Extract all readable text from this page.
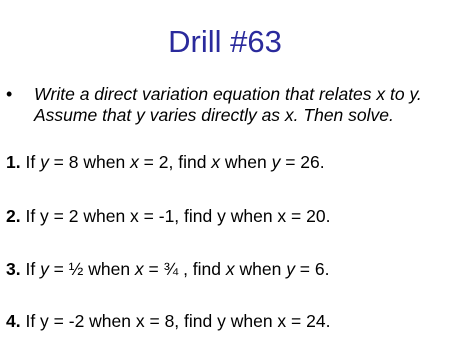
Drill #63
• Write a direct variation equation that relates x to y. Assume that y varies directly as x. Then solve.
1. If y = 8 when x = 2, find x when y = 26.
2. If y = 2 when x = -1, find y when x = 20.
3. If y = ½ when x = ¾ , find x when y = 6.
4. If y = -2 when x = 8, find y when x = 24.
